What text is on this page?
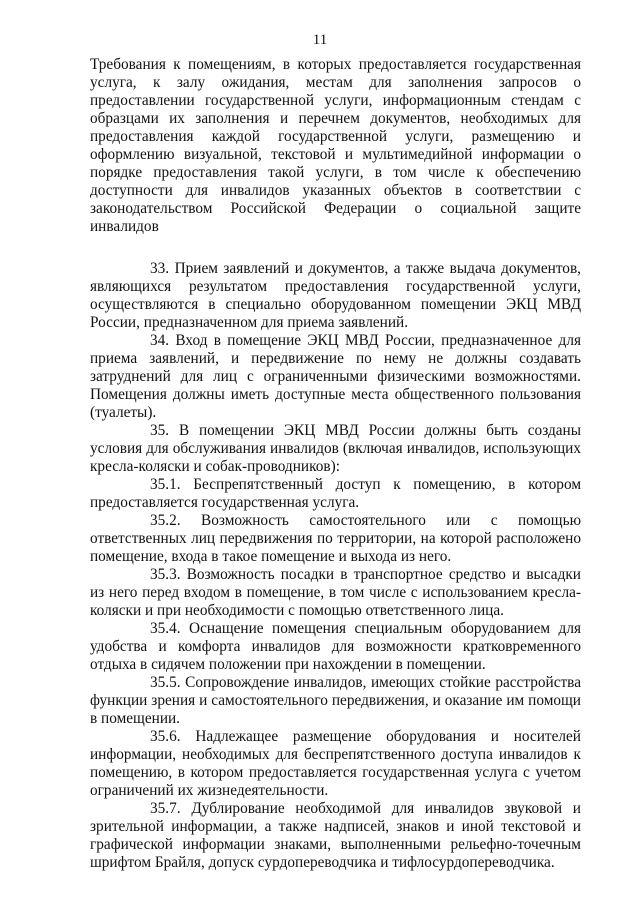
11

Требования к помещениям, в которых предоставляется государственная услуга, к залу ожидания, местам для заполнения запросов о предоставлении государственной услуги, информационным стендам с образцами их заполнения и перечнем документов, необходимых для предоставления каждой государственной услуги, размещению и оформлению визуальной, текстовой и мультимедийной информации о порядке предоставления такой услуги, в том числе к обеспечению доступности для инвалидов указанных объектов в соответствии с законодательством Российской Федерации о социальной защите инвалидов

33. Прием заявлений и документов, а также выдача документов, являющихся результатом предоставления государственной услуги, осуществляются в специально оборудованном помещении ЭКЦ МВД России, предназначенном для приема заявлений.

34. Вход в помещение ЭКЦ МВД России, предназначенное для приема заявлений, и передвижение по нему не должны создавать затруднений для лиц с ограниченными физическими возможностями. Помещения должны иметь доступные места общественного пользования (туалеты).

35. В помещении ЭКЦ МВД России должны быть созданы условия для обслуживания инвалидов (включая инвалидов, использующих кресла-коляски и собак-проводников):

35.1. Беспрепятственный доступ к помещению, в котором предоставляется государственная услуга.

35.2. Возможность самостоятельного или с помощью ответственных лиц передвижения по территории, на которой расположено помещение, входа в такое помещение и выхода из него.

35.3. Возможность посадки в транспортное средство и высадки из него перед входом в помещение, в том числе с использованием кресла-коляски и при необходимости с помощью ответственного лица.

35.4. Оснащение помещения специальным оборудованием для удобства и комфорта инвалидов для возможности кратковременного отдыха в сидячем положении при нахождении в помещении.

35.5. Сопровождение инвалидов, имеющих стойкие расстройства функции зрения и самостоятельного передвижения, и оказание им помощи в помещении.

35.6. Надлежащее размещение оборудования и носителей информации, необходимых для беспрепятственного доступа инвалидов к помещению, в котором предоставляется государственная услуга с учетом ограничений их жизнедеятельности.

35.7. Дублирование необходимой для инвалидов звуковой и зрительной информации, а также надписей, знаков и иной текстовой и графической информации знаками, выполненными рельефно-точечным шрифтом Брайля, допуск сурдопереводчика и тифлосурдопереводчика.
